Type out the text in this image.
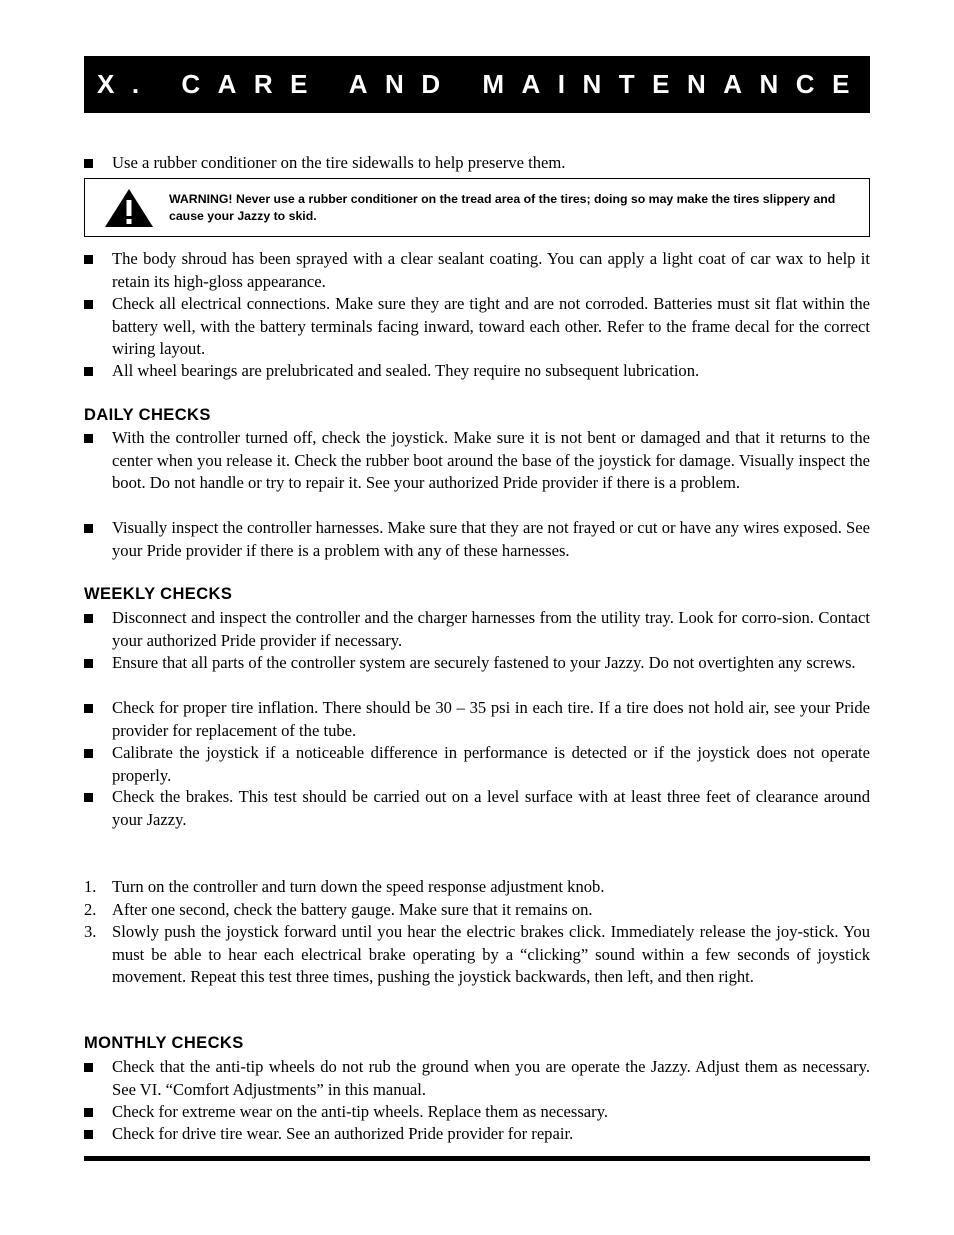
X. CARE AND MAINTENANCE
Use a rubber conditioner on the tire sidewalls to help preserve them.
WARNING! Never use a rubber conditioner on the tread area of the tires; doing so may make the tires slippery and cause your Jazzy to skid.
The body shroud has been sprayed with a clear sealant coating. You can apply a light coat of car wax to help it retain its high-gloss appearance.
Check all electrical connections. Make sure they are tight and are not corroded. Batteries must sit flat within the battery well, with the battery terminals facing inward, toward each other. Refer to the frame decal for the correct wiring layout.
All wheel bearings are prelubricated and sealed. They require no subsequent lubrication.
DAILY CHECKS
With the controller turned off, check the joystick. Make sure it is not bent or damaged and that it returns to the center when you release it. Check the rubber boot around the base of the joystick for damage. Visually inspect the boot. Do not handle or try to repair it. See your authorized Pride provider if there is a problem.
Visually inspect the controller harnesses. Make sure that they are not frayed or cut or have any wires exposed. See your Pride provider if there is a problem with any of these harnesses.
WEEKLY CHECKS
Disconnect and inspect the controller and the charger harnesses from the utility tray. Look for corro-sion. Contact your authorized Pride provider if necessary.
Ensure that all parts of the controller system are securely fastened to your Jazzy. Do not overtighten any screws.
Check for proper tire inflation. There should be 30 – 35 psi in each tire. If a tire does not hold air, see your Pride provider for replacement of the tube.
Calibrate the joystick if a noticeable difference in performance is detected or if the joystick does not operate properly.
Check the brakes. This test should be carried out on a level surface with at least three feet of clearance around your Jazzy.
1. Turn on the controller and turn down the speed response adjustment knob.
2. After one second, check the battery gauge. Make sure that it remains on.
3. Slowly push the joystick forward until you hear the electric brakes click. Immediately release the joy-stick. You must be able to hear each electrical brake operating by a “clicking” sound within a few seconds of joystick movement. Repeat this test three times, pushing the joystick backwards, then left, and then right.
MONTHLY CHECKS
Check that the anti-tip wheels do not rub the ground when you are operate the Jazzy. Adjust them as necessary. See VI. “Comfort Adjustments” in this manual.
Check for extreme wear on the anti-tip wheels. Replace them as necessary.
Check for drive tire wear. See an authorized Pride provider for repair.
